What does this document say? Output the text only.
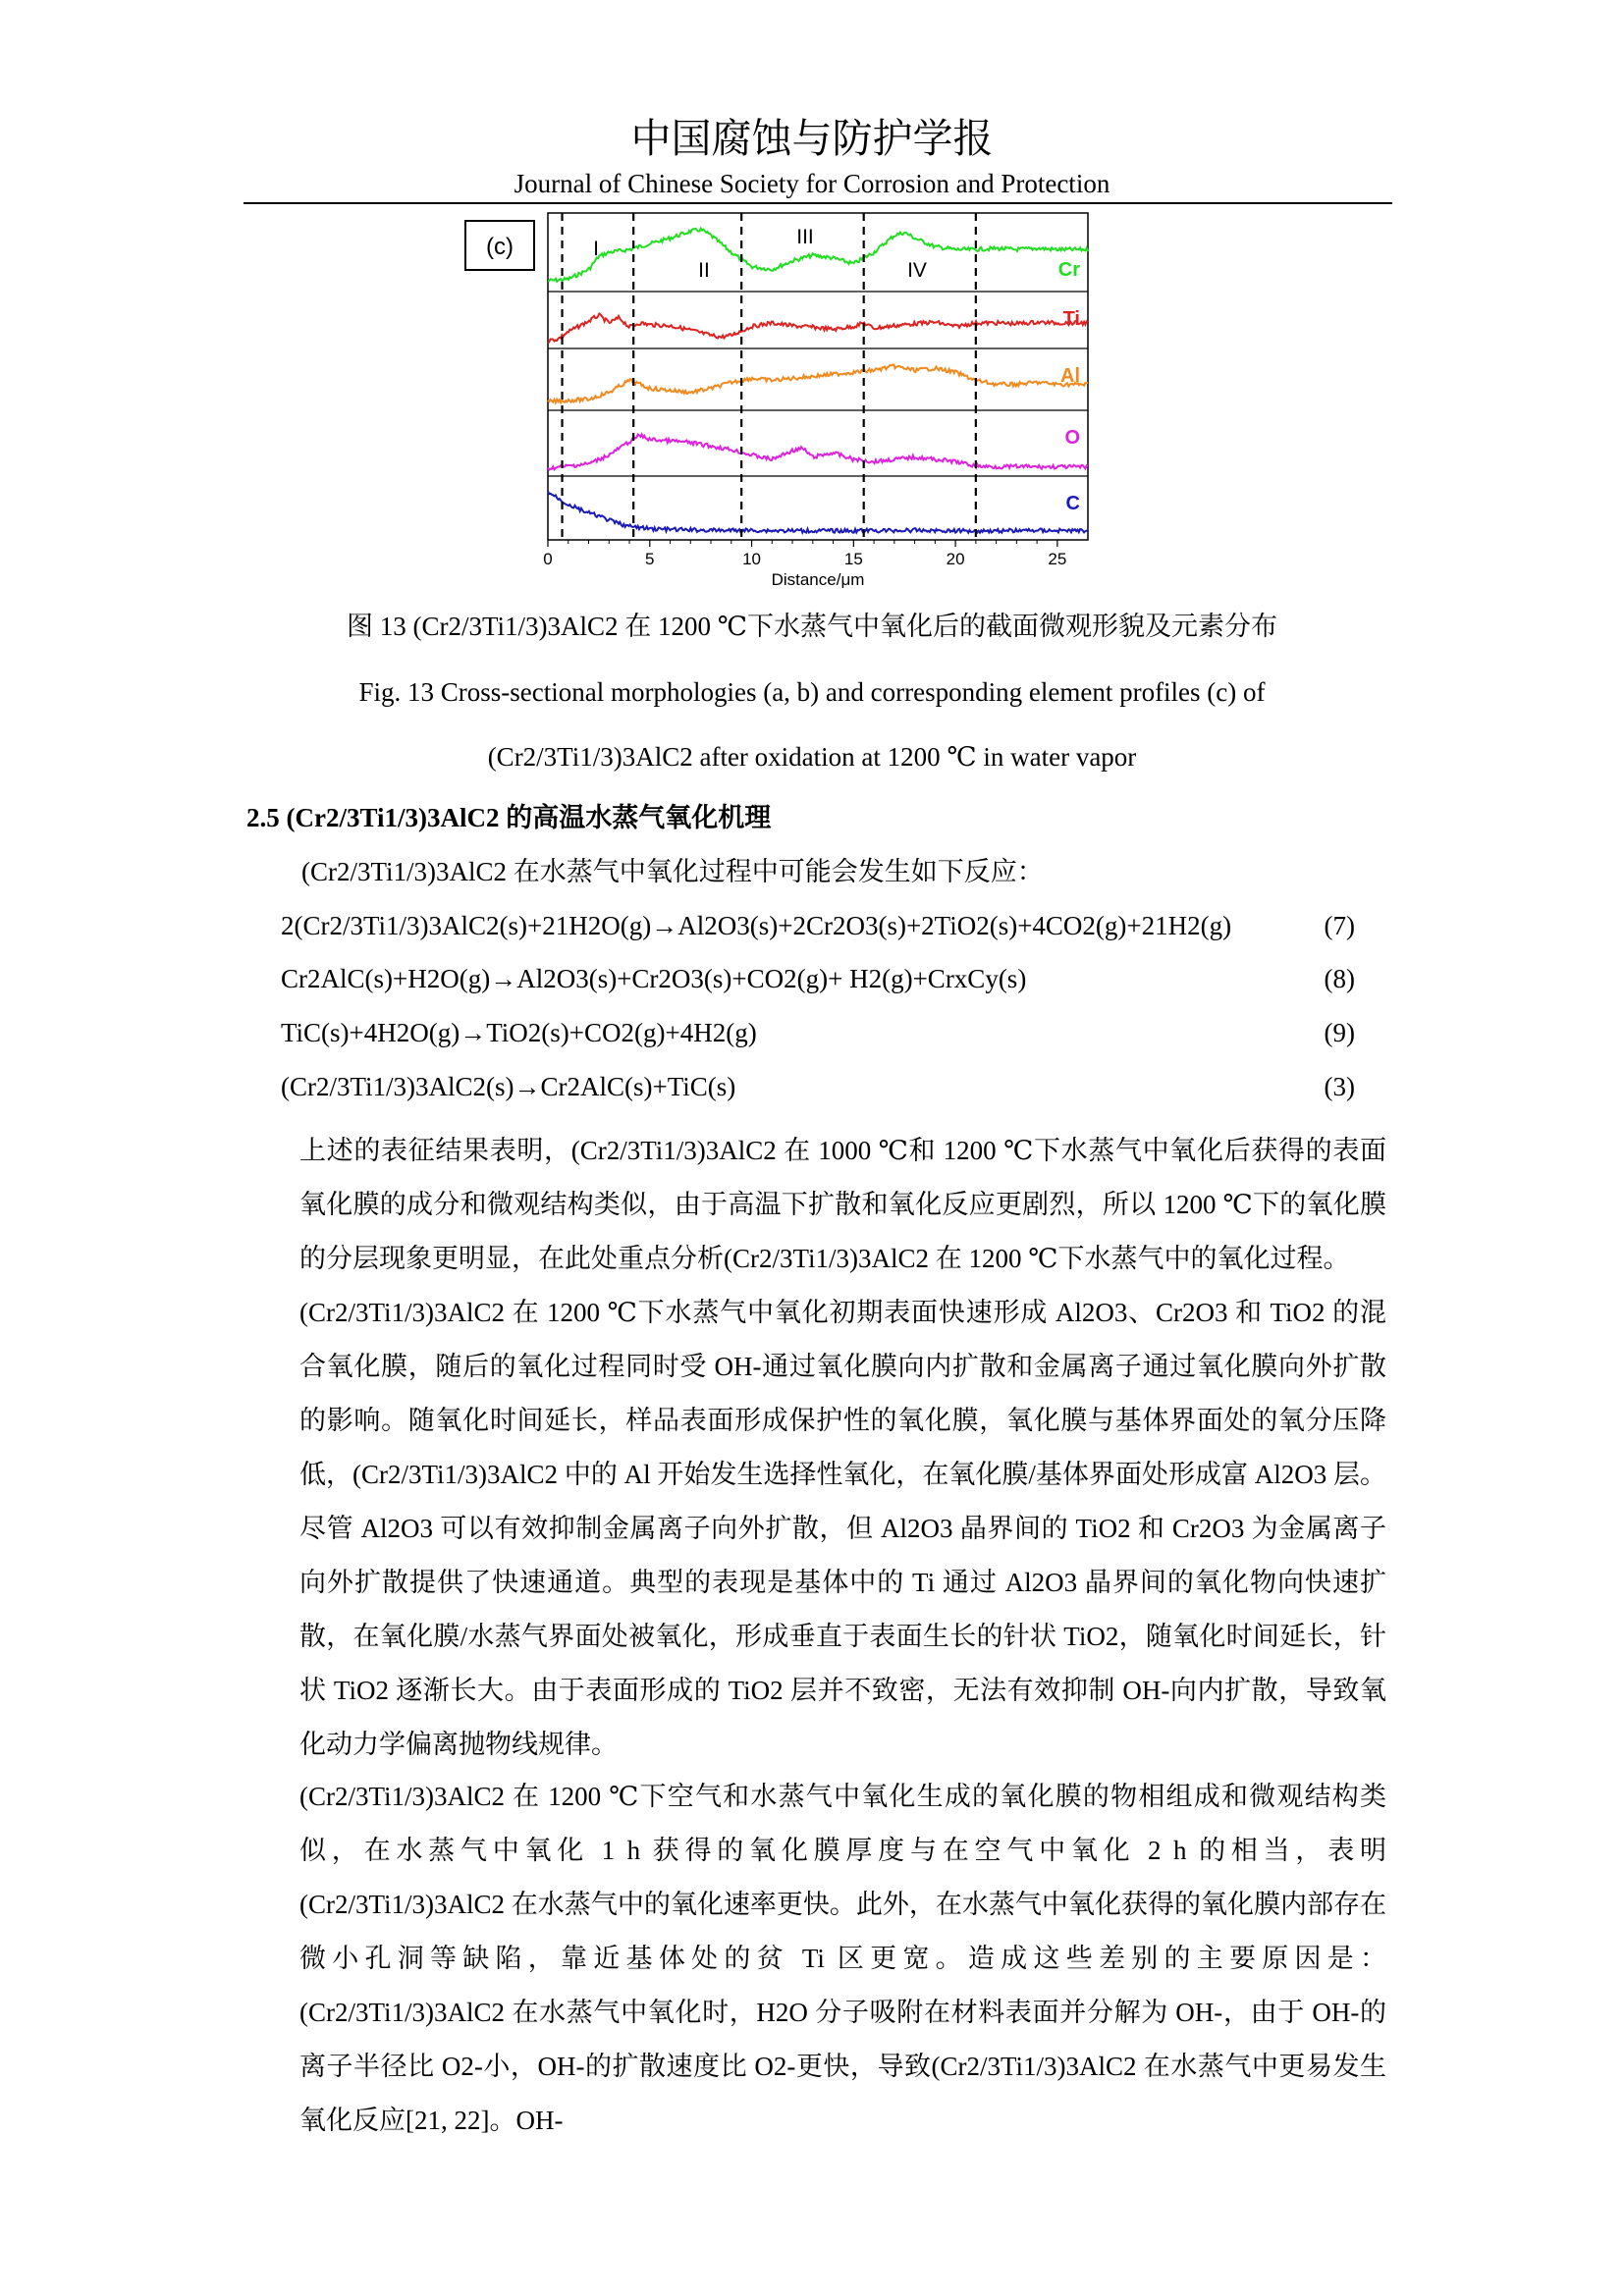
中国腐蚀与防护学报
Journal of Chinese Society for Corrosion and Protection
(c)
Cr
Ti
Al
O
C
0	5	10	15	20	25
I
II
III
IV
Distance/μm
图 13 (Cr2/3Ti1/3)3AlC2 在 1200 ℃下水蒸气中氧化后的截面微观形貌及元素分布
Fig. 13 Cross-sectional morphologies (a, b) and corresponding element profiles (c) of
(Cr2/3Ti1/3)3AlC2 after oxidation at 1200 ℃ in water vapor
2.5 (Cr2/3Ti1/3)3AlC2 的高温水蒸气氧化机理
(Cr2/3Ti1/3)3AlC2 在水蒸气中氧化过程中可能会发生如下反应：
2(Cr2/3Ti1/3)3AlC2(s)+21H2O(g)→Al2O3(s)+2Cr2O3(s)+2TiO2(s)+4CO2(g)+21H2(g)	(7)
Cr2AlC(s)+H2O(g)→Al2O3(s)+Cr2O3(s)+CO2(g)+ H2(g)+CrxCy(s)	(8)
TiC(s)+4H2O(g)→TiO2(s)+CO2(g)+4H2(g)	(9)
(Cr2/3Ti1/3)3AlC2(s)→Cr2AlC(s)+TiC(s)	(3)
上述的表征结果表明，(Cr2/3Ti1/3)3AlC2 在 1000 ℃和 1200 ℃下水蒸气中氧化后获得的表面氧化膜的成分和微观结构类似，由于高温下扩散和氧化反应更剧烈，所以 1200 ℃下的氧化膜的分层现象更明显，在此处重点分析(Cr2/3Ti1/3)3AlC2 在 1200 ℃下水蒸气中的氧化过程。
(Cr2/3Ti1/3)3AlC2 在 1200 ℃下水蒸气中氧化初期表面快速形成 Al2O3、Cr2O3 和 TiO2 的混合氧化膜，随后的氧化过程同时受 OH-通过氧化膜向内扩散和金属离子通过氧化膜向外扩散的影响。随氧化时间延长，样品表面形成保护性的氧化膜，氧化膜与基体界面处的氧分压降低，(Cr2/3Ti1/3)3AlC2 中的 Al 开始发生选择性氧化，在氧化膜/基体界面处形成富 Al2O3 层。尽管 Al2O3 可以有效抑制金属离子向外扩散，但 Al2O3 晶界间的 TiO2 和 Cr2O3 为金属离子向外扩散提供了快速通道。典型的表现是基体中的 Ti 通过 Al2O3 晶界间的氧化物向快速扩散，在氧化膜/水蒸气界面处被氧化，形成垂直于表面生长的针状 TiO2，随氧化时间延长，针状 TiO2 逐渐长大。由于表面形成的 TiO2 层并不致密，无法有效抑制 OH-向内扩散，导致氧化动力学偏离抛物线规律。
(Cr2/3Ti1/3)3AlC2 在 1200 ℃下空气和水蒸气中氧化生成的氧化膜的物相组成和微观结构类似，在水蒸气中氧化 1 h 获得的氧化膜厚度与在空气中氧化 2 h 的相当，表明(Cr2/3Ti1/3)3AlC2 在水蒸气中的氧化速率更快。此外，在水蒸气中氧化获得的氧化膜内部存在微小孔洞等缺陷，靠近基体处的贫 Ti 区更宽。造成这些差别的主要原因是：(Cr2/3Ti1/3)3AlC2 在水蒸气中氧化时，H2O 分子吸附在材料表面并分解为 OH-，由于 OH-的离子半径比 O2-小，OH-的扩散速度比 O2-更快，导致(Cr2/3Ti1/3)3AlC2 在水蒸气中更易发生氧化反应[21, 22]。OH-
